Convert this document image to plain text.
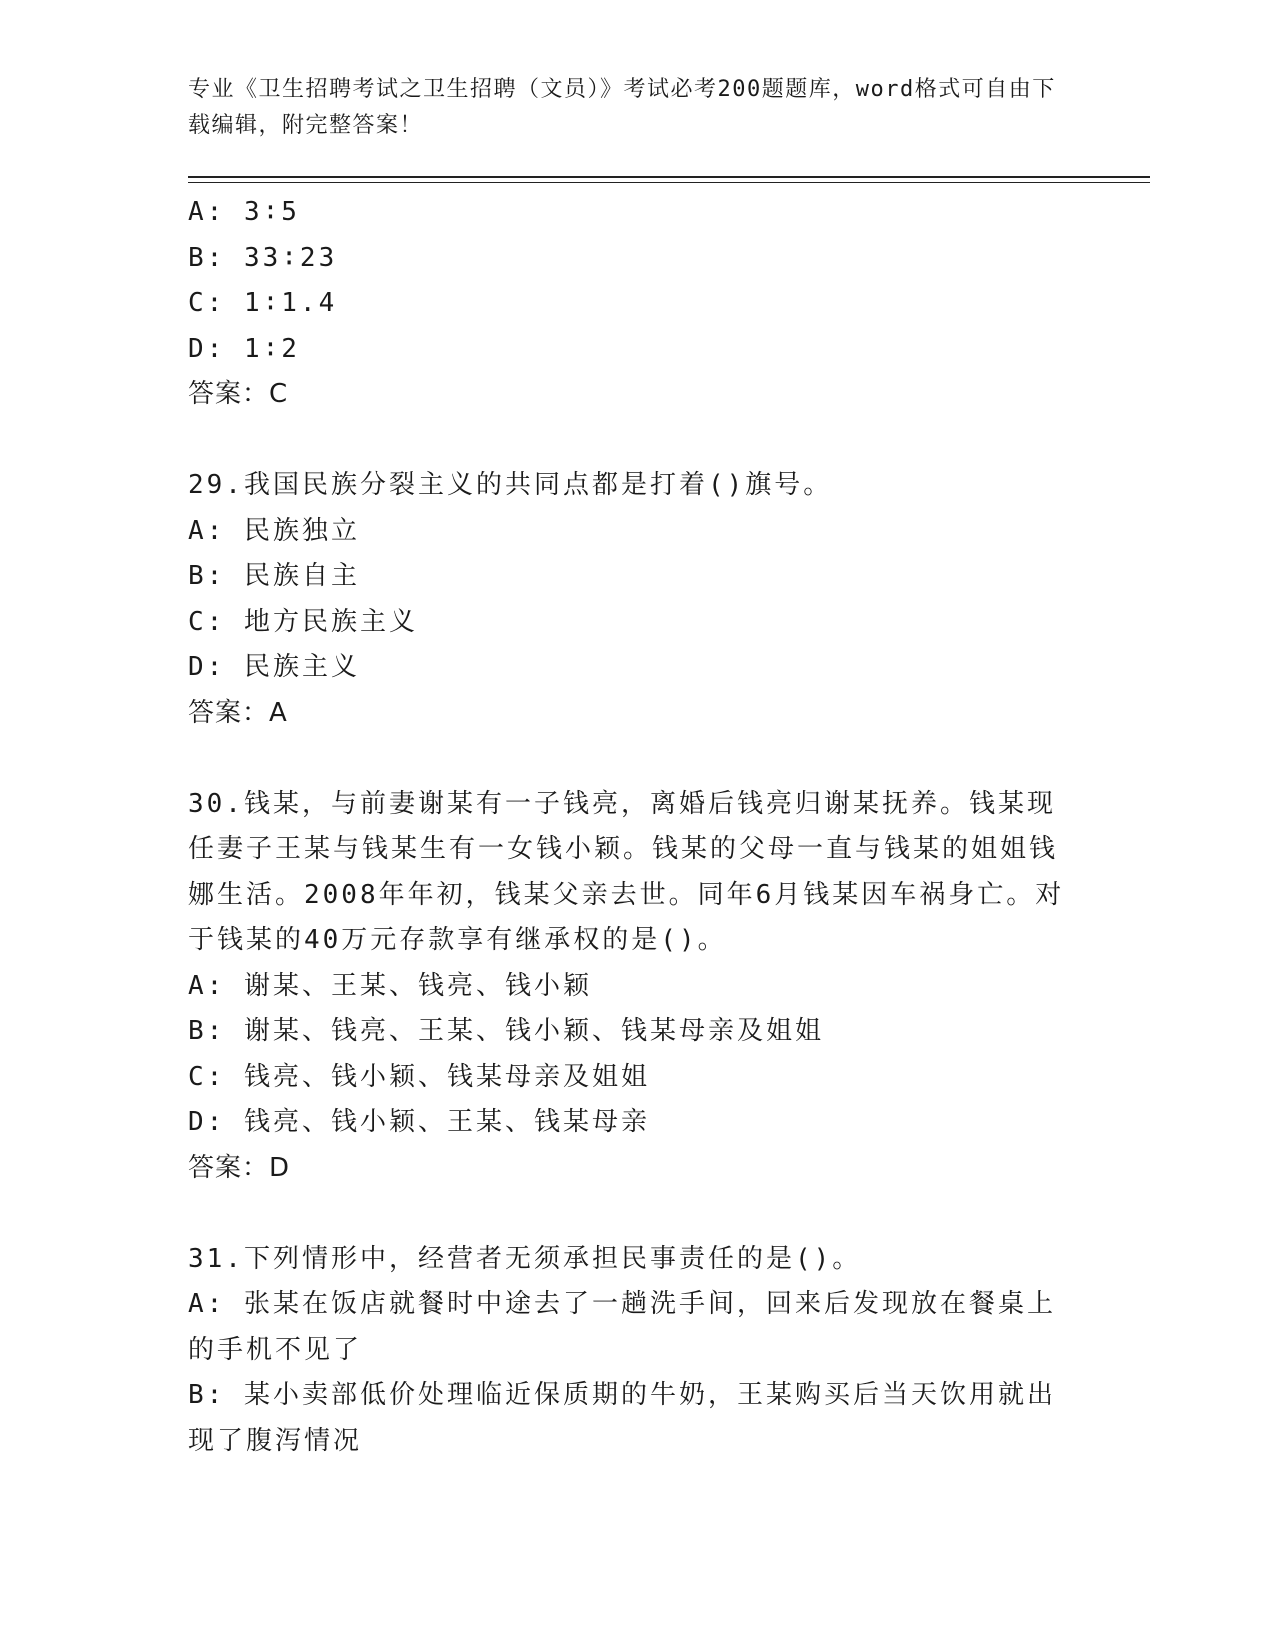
专业《卫生招聘考试之卫生招聘（文员）》考试必考200题题库，word格式可自由下载编辑，附完整答案！

A: 3∶5

B: 33∶23

C: 1∶1.4

D: 1∶2

答案：C

29.我国民族分裂主义的共同点都是打着()旗号。

A: 民族独立

B: 民族自主

C: 地方民族主义

D: 民族主义

答案：A

30.钱某，与前妻谢某有一子钱亮，离婚后钱亮归谢某抚养。钱某现任妻子王某与钱某生有一女钱小颖。钱某的父母一直与钱某的姐姐钱娜生活。2008年年初，钱某父亲去世。同年6月钱某因车祸身亡。对于钱某的40万元存款享有继承权的是()。

A: 谢某、王某、钱亮、钱小颖

B: 谢某、钱亮、王某、钱小颖、钱某母亲及姐姐

C: 钱亮、钱小颖、钱某母亲及姐姐

D: 钱亮、钱小颖、王某、钱某母亲

答案：D

31.下列情形中，经营者无须承担民事责任的是()。

A: 张某在饭店就餐时中途去了一趟洗手间，回来后发现放在餐桌上的手机不见了

B: 某小卖部低价处理临近保质期的牛奶，王某购买后当天饮用就出现了腹泻情况
